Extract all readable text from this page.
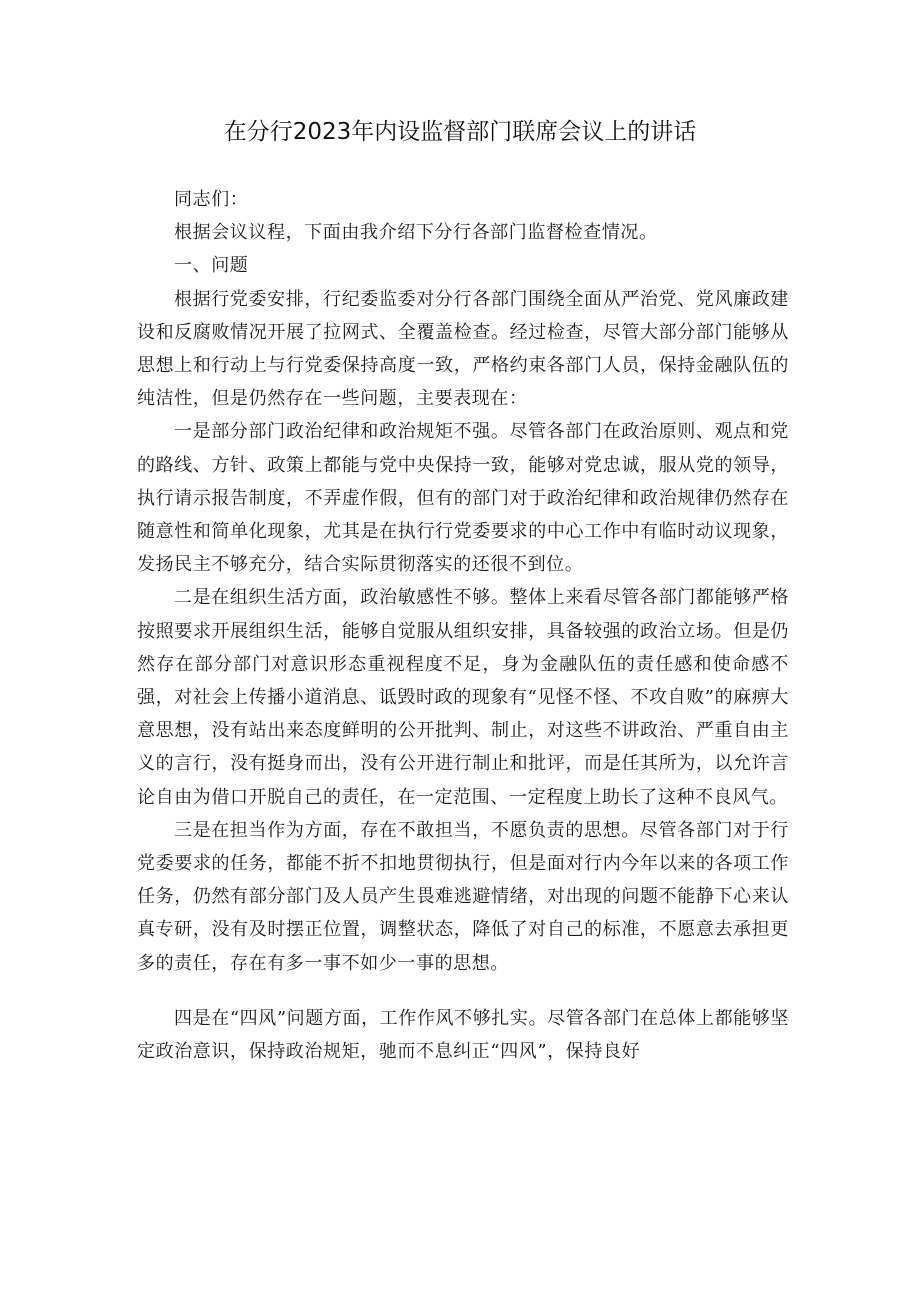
在分行2023年内设监督部门联席会议上的讲话

同志们：

根据会议议程，下面由我介绍下分行各部门监督检查情况。

一、问题

根据行党委安排，行纪委监委对分行各部门围绕全面从严治党、党风廉政建设和反腐败情况开展了拉网式、全覆盖检查。经过检查，尽管大部分部门能够从思想上和行动上与行党委保持高度一致，严格约束各部门人员，保持金融队伍的纯洁性，但是仍然存在一些问题，主要表现在：

一是部分部门政治纪律和政治规矩不强。尽管各部门在政治原则、观点和党的路线、方针、政策上都能与党中央保持一致，能够对党忠诚，服从党的领导，执行请示报告制度，不弄虚作假，但有的部门对于政治纪律和政治规律仍然存在随意性和简单化现象，尤其是在执行行党委要求的中心工作中有临时动议现象，发扬民主不够充分，结合实际贯彻落实的还很不到位。

二是在组织生活方面，政治敏感性不够。整体上来看尽管各部门都能够严格按照要求开展组织生活，能够自觉服从组织安排，具备较强的政治立场。但是仍然存在部分部门对意识形态重视程度不足，身为金融队伍的责任感和使命感不强，对社会上传播小道消息、诋毁时政的现象有“见怪不怪、不攻自败”的麻痹大意思想，没有站出来态度鲜明的公开批判、制止，对这些不讲政治、严重自由主义的言行，没有挺身而出，没有公开进行制止和批评，而是任其所为，以允许言论自由为借口开脱自己的责任，在一定范围、一定程度上助长了这种不良风气。

三是在担当作为方面，存在不敢担当，不愿负责的思想。尽管各部门对于行党委要求的任务，都能不折不扣地贯彻执行，但是面对行内今年以来的各项工作任务，仍然有部分部门及人员产生畏难逃避情绪，对出现的问题不能静下心来认真专研，没有及时摆正位置，调整状态，降低了对自己的标准，不愿意去承担更多的责任，存在有多一事不如少一事的思想。

四是在“四风”问题方面，工作作风不够扎实。尽管各部门在总体上都能够坚定政治意识，保持政治规矩，驰而不息纠正“四风”，保持良好
